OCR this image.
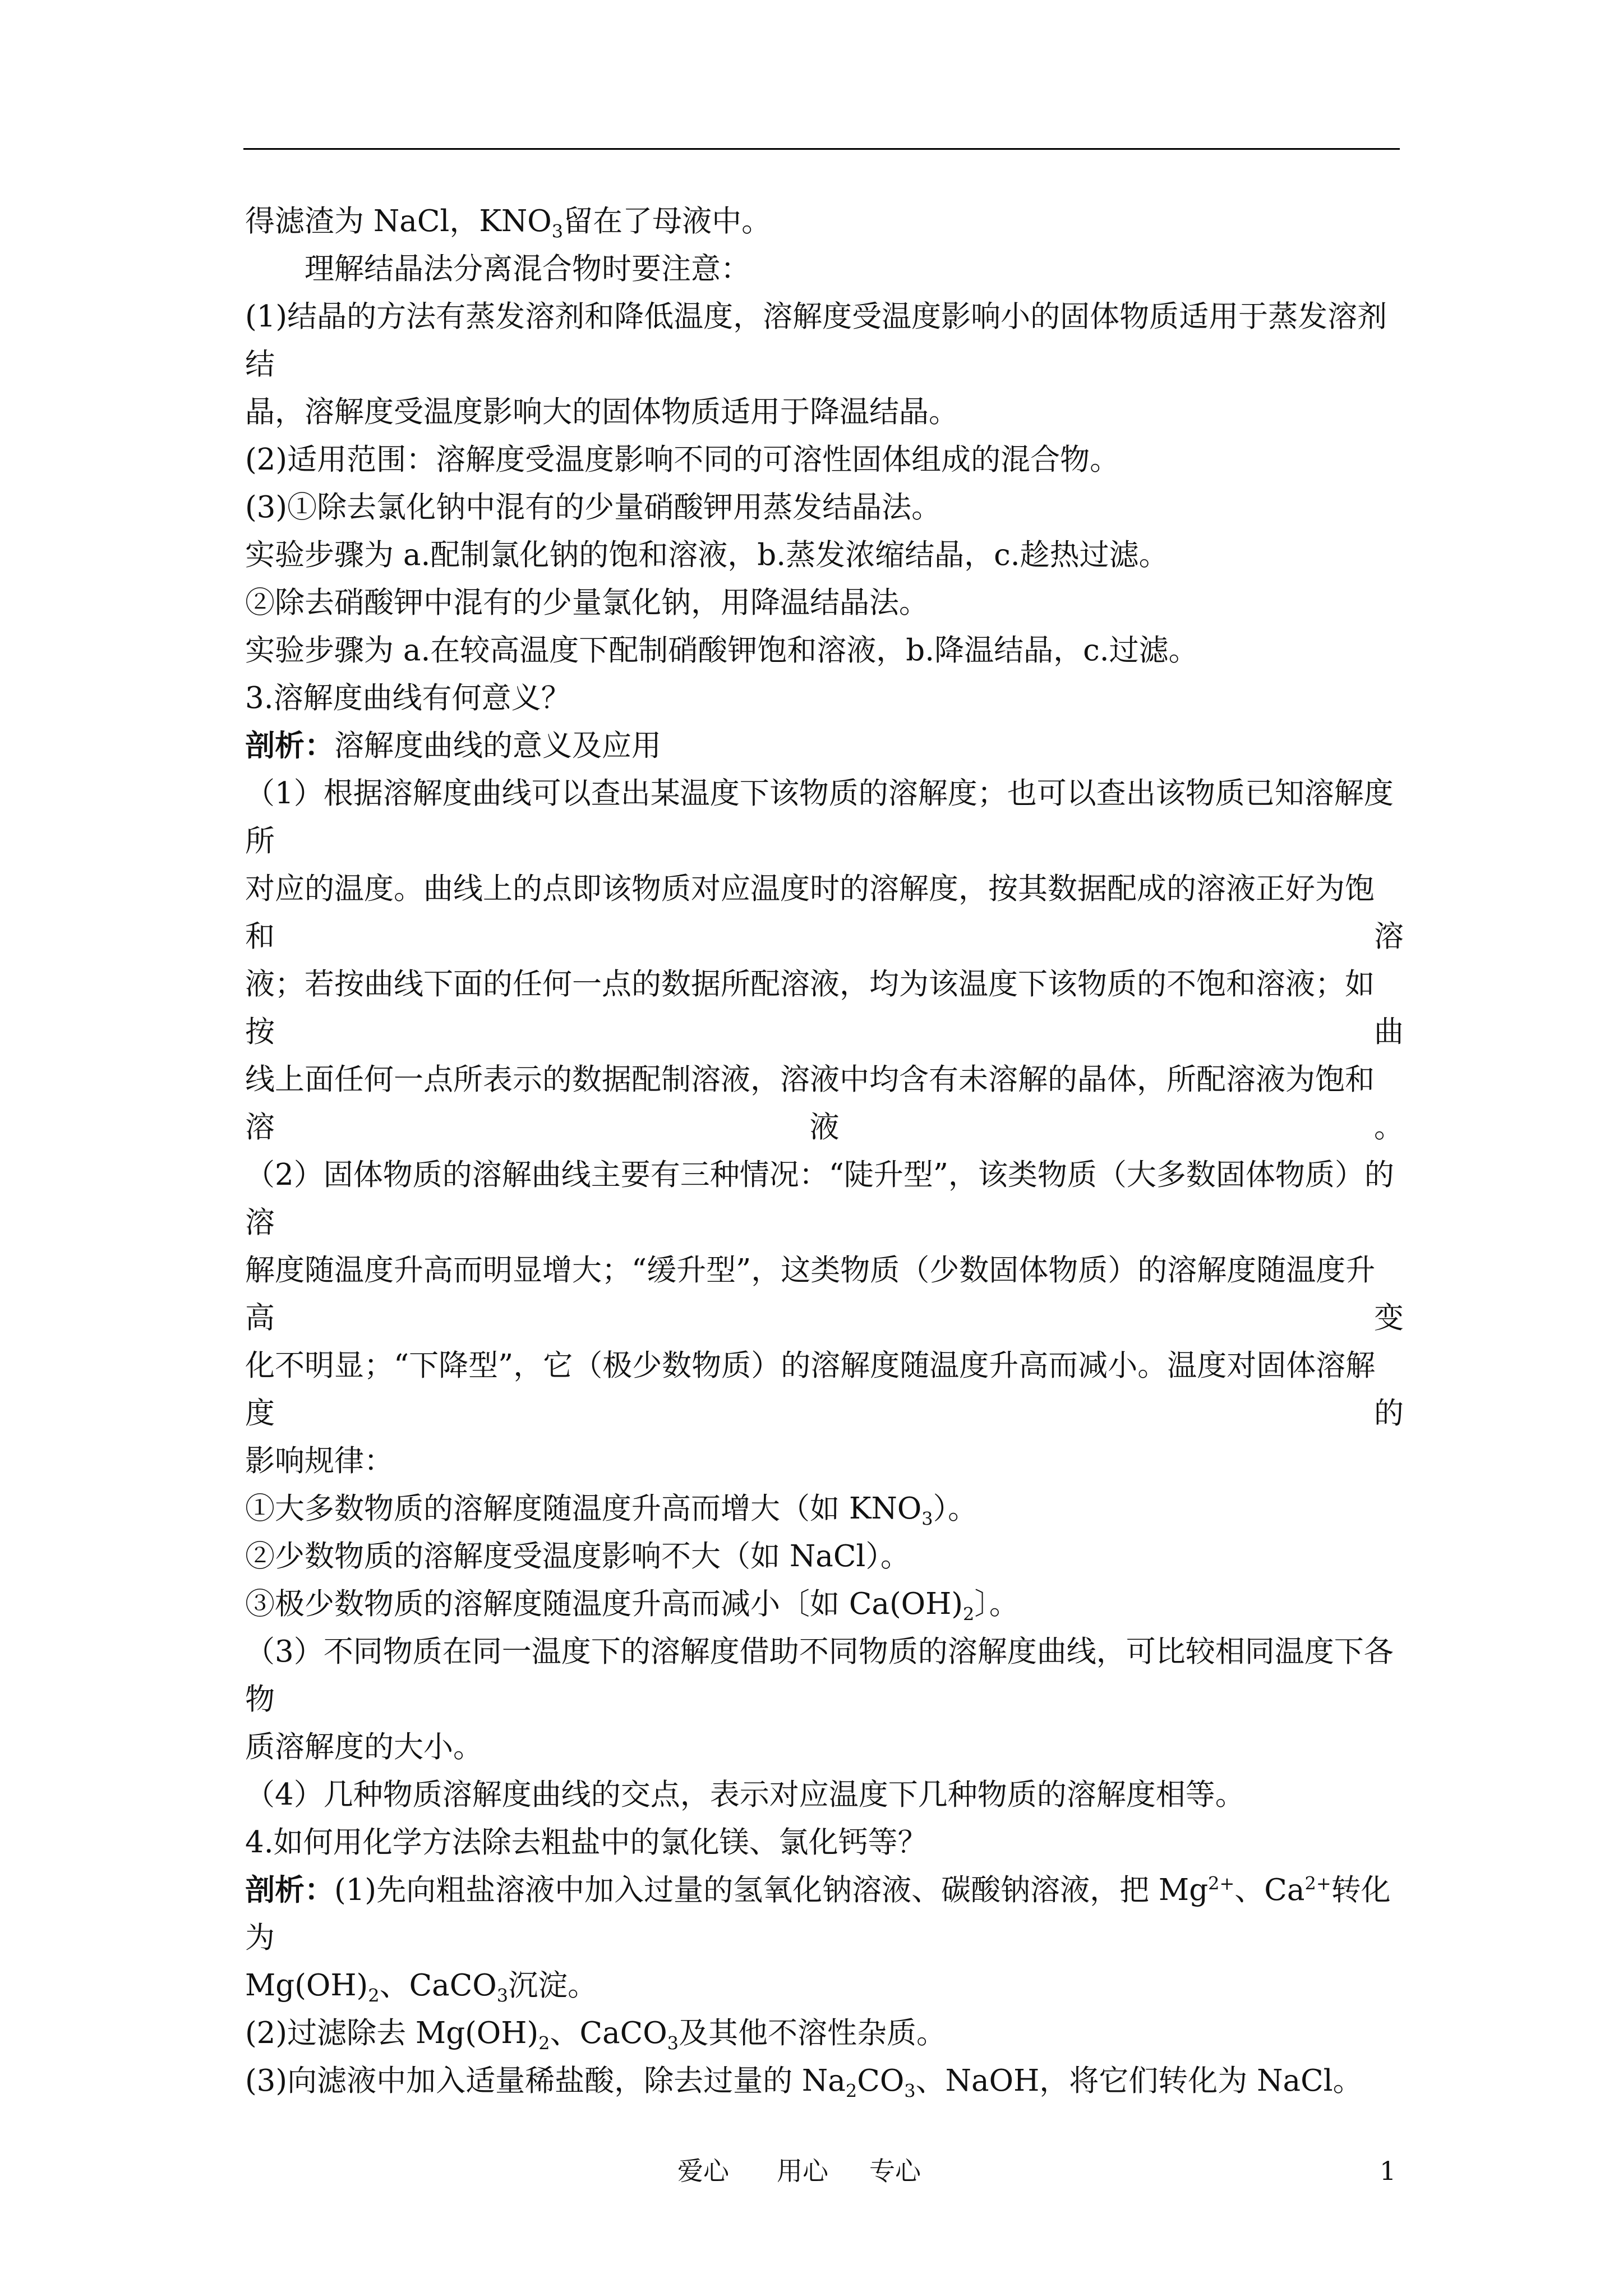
得滤渣为 NaCl，$KNO_3$留在了母液中。
理解结晶法分离混合物时要注意：
(1)结晶的方法有蒸发溶剂和降低温度，溶解度受温度影响小的固体物质适用于蒸发溶剂结
晶，溶解度受温度影响大的固体物质适用于降温结晶。
(2)适用范围：溶解度受温度影响不同的可溶性固体组成的混合物。
(3)①除去氯化钠中混有的少量硝酸钾用蒸发结晶法。
实验步骤为 a.配制氯化钠的饱和溶液，b.蒸发浓缩结晶，c.趁热过滤。
②除去硝酸钾中混有的少量氯化钠，用降温结晶法。
实验步骤为 a.在较高温度下配制硝酸钾饱和溶液，b.降温结晶，c.过滤。
3.溶解度曲线有何意义？
剖析：溶解度曲线的意义及应用
（1）根据溶解度曲线可以查出某温度下该物质的溶解度；也可以查出该物质已知溶解度所
对应的温度。曲线上的点即该物质对应温度时的溶解度，按其数据配成的溶液正好为饱和溶
液；若按曲线下面的任何一点的数据所配溶液，均为该温度下该物质的不饱和溶液；如按曲
线上面任何一点所表示的数据配制溶液，溶液中均含有未溶解的晶体，所配溶液为饱和溶液。
（2）固体物质的溶解曲线主要有三种情况：“陡升型”，该类物质（大多数固体物质）的溶
解度随温度升高而明显增大；“缓升型”，这类物质（少数固体物质）的溶解度随温度升高变
化不明显；“下降型”，它（极少数物质）的溶解度随温度升高而减小。温度对固体溶解度的
影响规律：
①大多数物质的溶解度随温度升高而增大（如 $KNO_3$）。
②少数物质的溶解度受温度影响不大（如 NaCl）。
③极少数物质的溶解度随温度升高而减小〔如 $Ca(OH)_2$〕。
（3）不同物质在同一温度下的溶解度借助不同物质的溶解度曲线，可比较相同温度下各物
质溶解度的大小。
（4）几种物质溶解度曲线的交点，表示对应温度下几种物质的溶解度相等。
4.如何用化学方法除去粗盐中的氯化镁、氯化钙等？
剖析：(1)先向粗盐溶液中加入过量的氢氧化钠溶液、碳酸钠溶液，把 $Mg^{2+}$、$Ca^{2+}$转化为
$Mg(OH)_2$、CaCO$_3$沉淀。
(2)过滤除去 $Mg(OH)_2$、CaCO$_3$及其他不溶性杂质。
(3)向滤液中加入适量稀盐酸，除去过量的 $Na_2CO_3$、NaOH，将它们转化为 NaCl。
爱心 用心 专心	1
